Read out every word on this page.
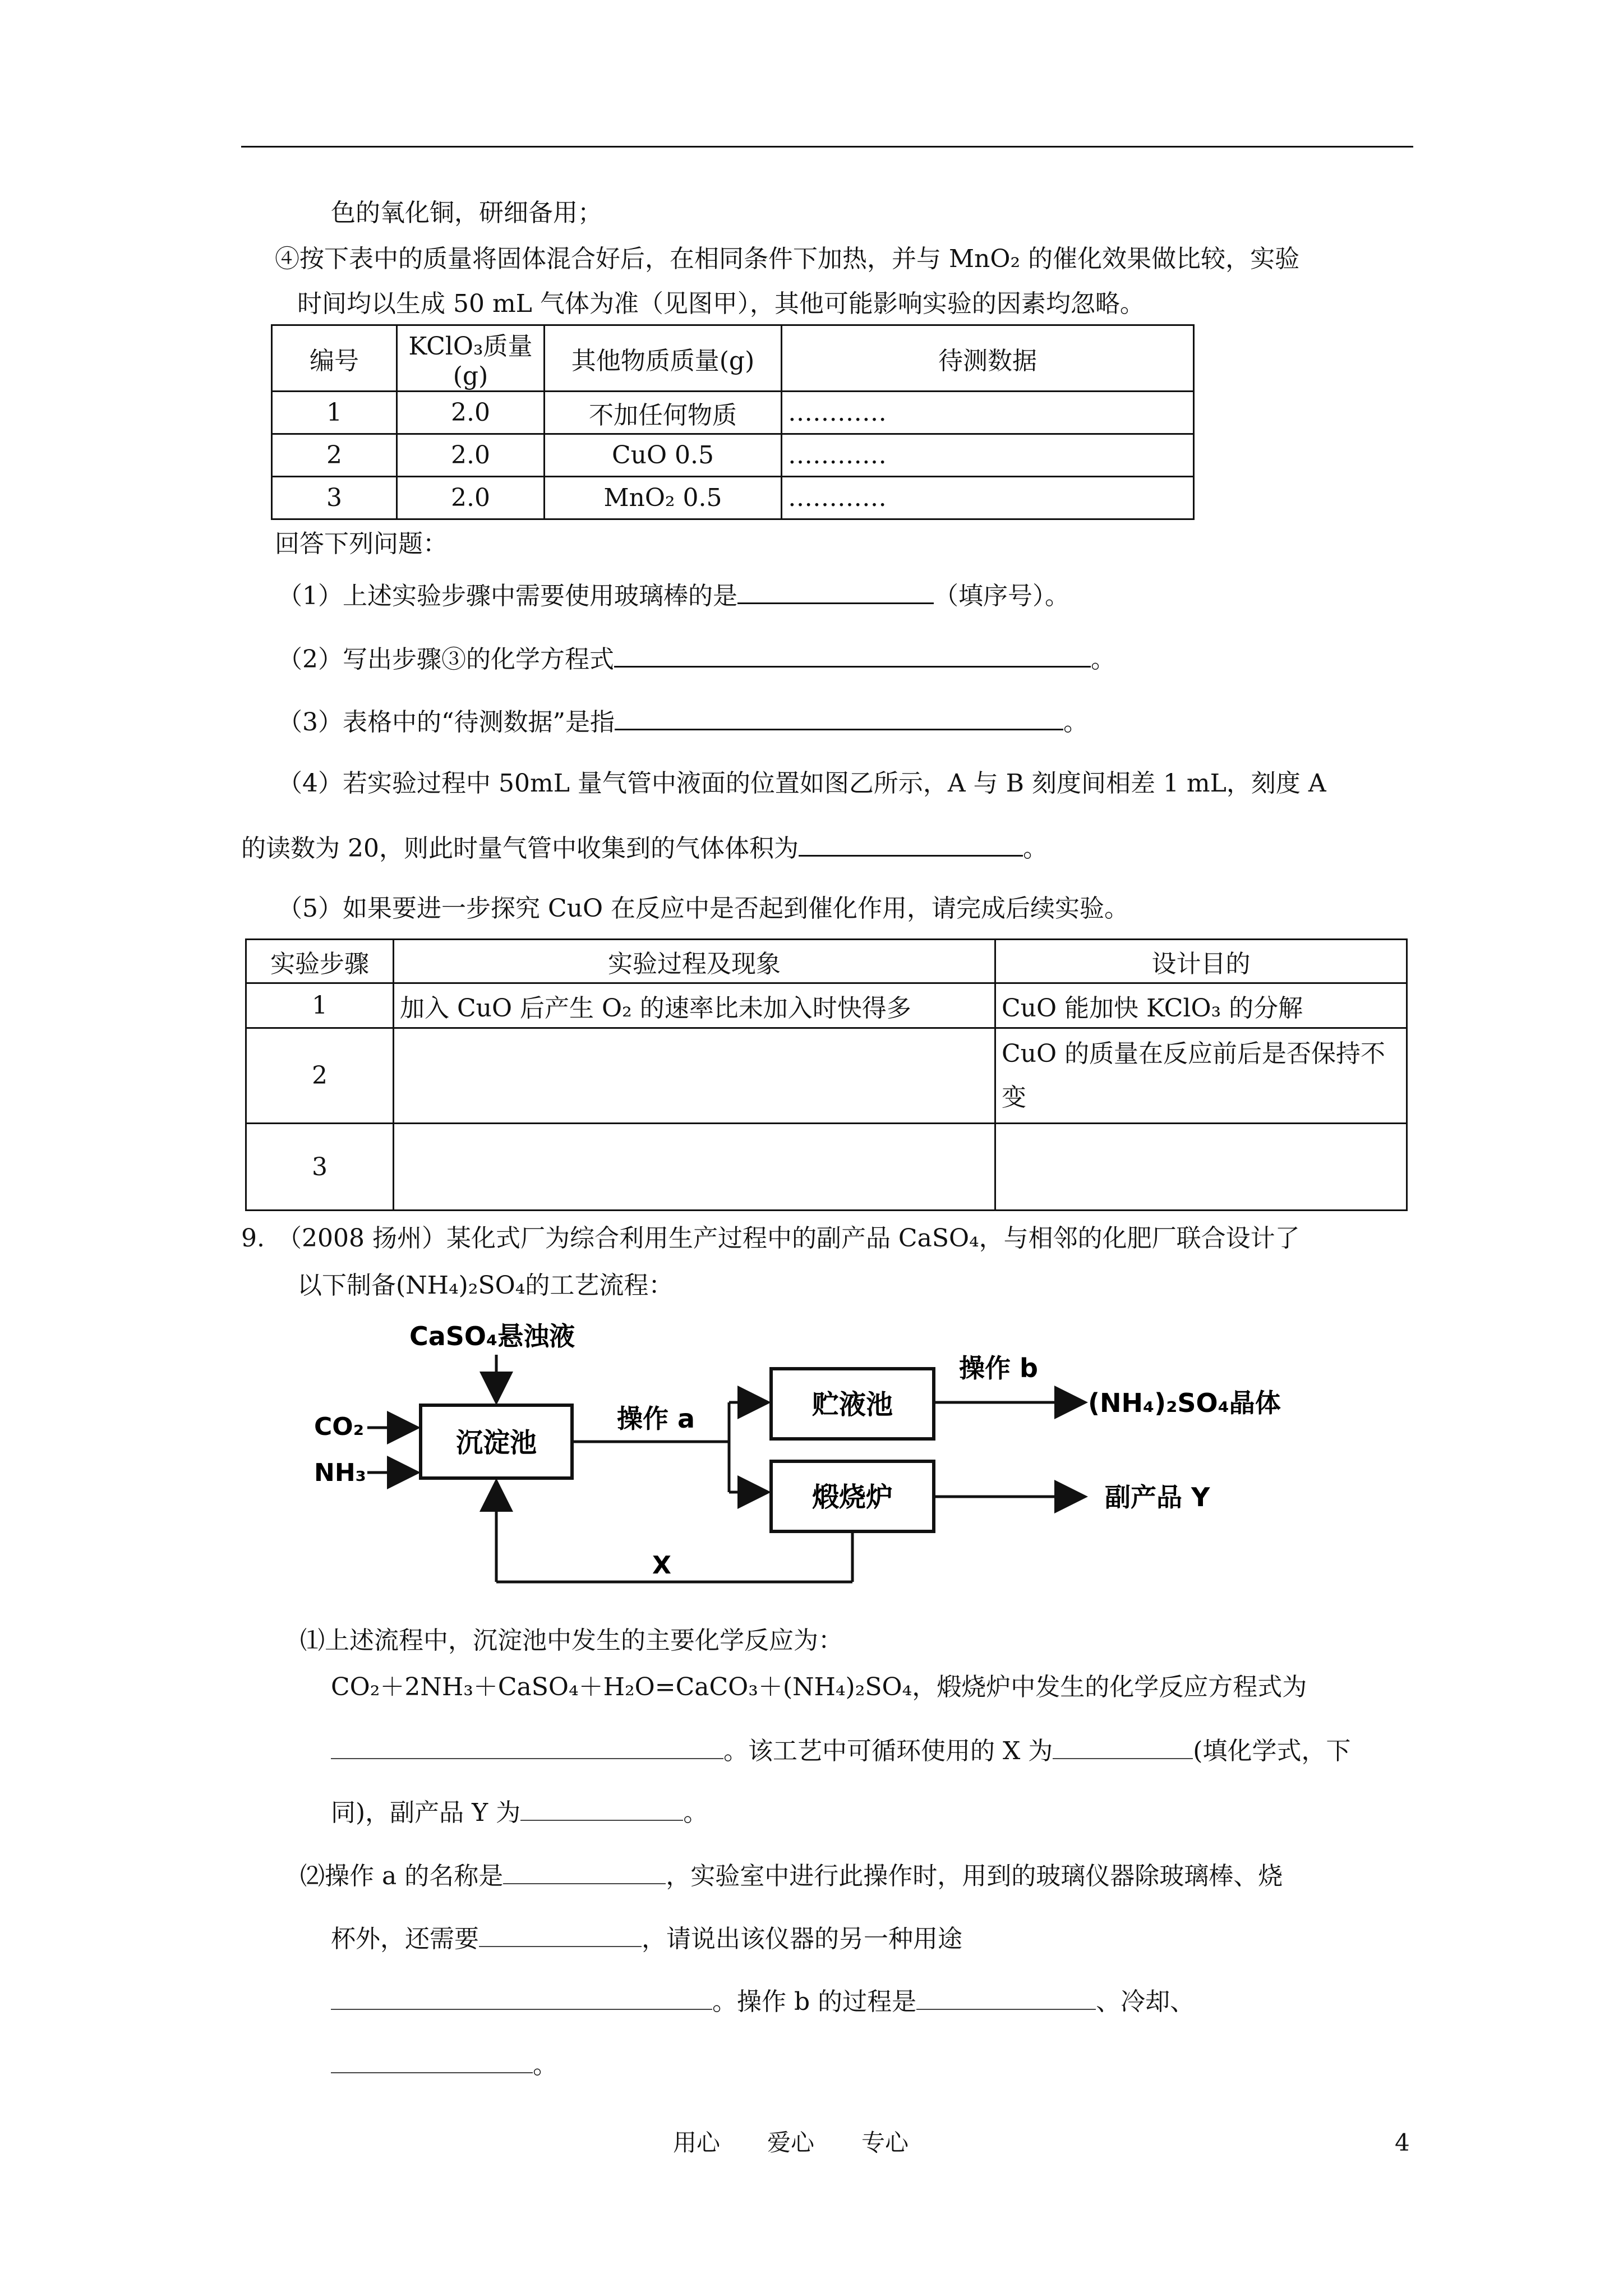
色的氧化铜，研细备用；
④按下表中的质量将固体混合好后，在相同条件下加热，并与 MnO₂ 的催化效果做比较，实验
时间均以生成 50 mL 气体为准（见图甲），其他可能影响实验的因素均忽略。
编号	KClO₃质量(g)	其他物质质量(g)	待测数据
1	2.0	不加任何物质	…………
2	2.0	CuO 0.5	…………
3	2.0	MnO₂ 0.5	…………
回答下列问题：
（1）上述实验步骤中需要使用玻璃棒的是	（填序号）。
（2）写出步骤③的化学方程式	。
（3）表格中的“待测数据”是指	。
（4）若实验过程中 50mL 量气管中液面的位置如图乙所示，A 与 B 刻度间相差 1 mL，刻度 A
的读数为 20，则此时量气管中收集到的气体体积为	。
（5）如果要进一步探究 CuO 在反应中是否起到催化作用，请完成后续实验。
实验步骤	实验过程及现象	设计目的
1	加入 CuO 后产生 O₂ 的速率比未加入时快得多	CuO 能加快 KClO₃ 的分解
2		CuO 的质量在反应前后是否保持不变
3		
9.　（2008 扬州）某化式厂为综合利用生产过程中的副产品 CaSO₄，与相邻的化肥厂联合设计了
以下制备(NH₄)₂SO₄的工艺流程：
CaSO₄悬浊液
CO₂
NH₃
沉淀池
操作 a	贮液池
煅烧炉
操作 b
(NH₄)₂SO₄晶体
副产品 Y
X
⑴上述流程中，沉淀池中发生的主要化学反应为：
CO₂＋2NH₃＋CaSO₄＋H₂O=CaCO₃＋(NH₄)₂SO₄，煅烧炉中发生的化学反应方程式为
。该工艺中可循环使用的 X 为	(填化学式，下
同)，副产品 Y 为	。
⑵操作 a 的名称是	，实验室中进行此操作时，用到的玻璃仪器除玻璃棒、烧
杯外，还需要	，请说出该仪器的另一种用途
。操作 b 的过程是	、冷却、
。
用心　　爱心　　专心	4
